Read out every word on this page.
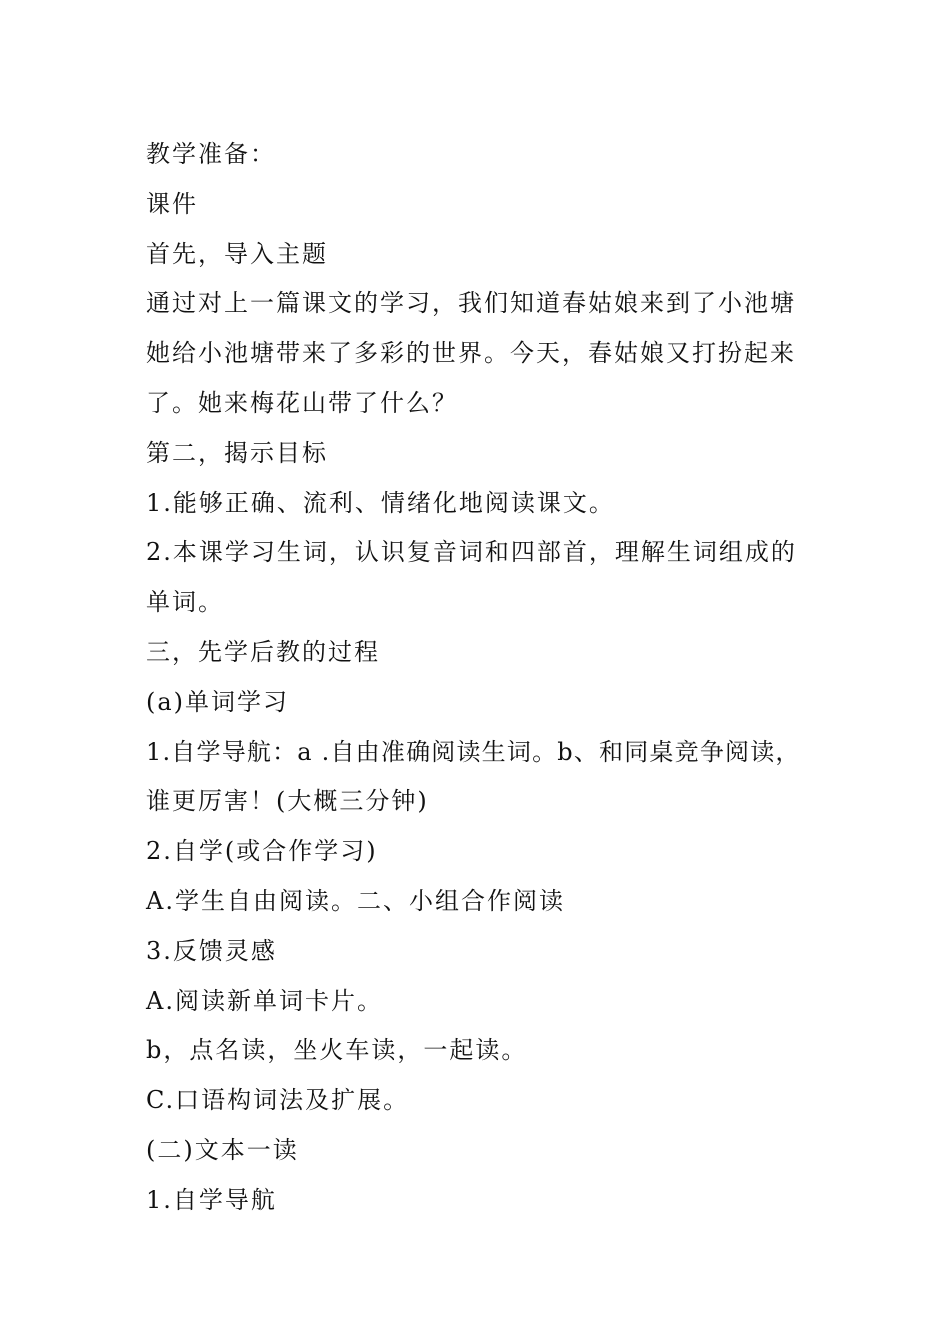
教学准备：
课件
首先，导入主题
通过对上一篇课文的学习，我们知道春姑娘来到了小池塘
她给小池塘带来了多彩的世界。今天，春姑娘又打扮起来
了。她来梅花山带了什么？
第二，揭示目标
1.能够正确、流利、情绪化地阅读课文。
2.本课学习生词，认识复音词和四部首，理解生词组成的
单词。
三，先学后教的过程
(a)单词学习
1.自学导航：a .自由准确阅读生词。b、和同桌竞争阅读，
谁更厉害！(大概三分钟)
2.自学(或合作学习)
A.学生自由阅读。二、小组合作阅读
3.反馈灵感
A.阅读新单词卡片。
b，点名读，坐火车读，一起读。
C.口语构词法及扩展。
(二)文本一读
1.自学导航
